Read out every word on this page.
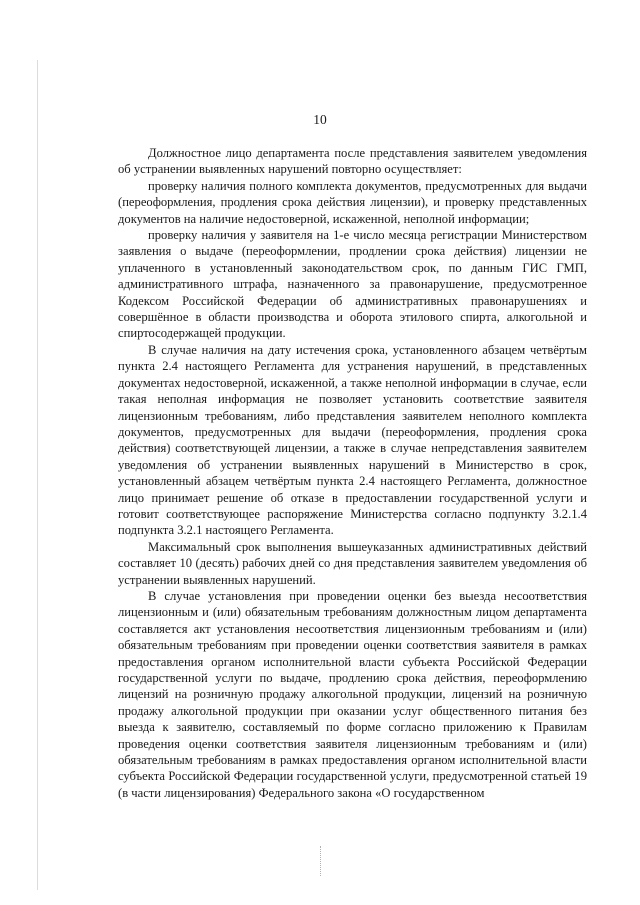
10

Должностное лицо департамента после представления заявителем уведомления об устранении выявленных нарушений повторно осуществляет:

проверку наличия полного комплекта документов, предусмотренных для выдачи (переоформления, продления срока действия лицензии), и проверку представленных документов на наличие недостоверной, искаженной, неполной информации;

проверку наличия у заявителя на 1-е число месяца регистрации Министерством заявления о выдаче (переоформлении, продлении срока действия) лицензии не уплаченного в установленный законодательством срок, по данным ГИС ГМП, административного штрафа, назначенного за правонарушение, предусмотренное Кодексом Российской Федерации об административных правонарушениях и совершённое в области производства и оборота этилового спирта, алкогольной и спиртосодержащей продукции.

В случае наличия на дату истечения срока, установленного абзацем четвёртым пункта 2.4 настоящего Регламента для устранения нарушений, в представленных документах недостоверной, искаженной, а также неполной информации в случае, если такая неполная информация не позволяет установить соответствие заявителя лицензионным требованиям, либо представления заявителем неполного комплекта документов, предусмотренных для выдачи (переоформления, продления срока действия) соответствующей лицензии, а также в случае непредставления заявителем уведомления об устранении выявленных нарушений в Министерство в срок, установленный абзацем четвёртым пункта 2.4 настоящего Регламента, должностное лицо принимает решение об отказе в предоставлении государственной услуги и готовит соответствующее распоряжение Министерства согласно подпункту 3.2.1.4 подпункта 3.2.1 настоящего Регламента.

Максимальный срок выполнения вышеуказанных административных действий составляет 10 (десять) рабочих дней со дня представления заявителем уведомления об устранении выявленных нарушений.

В случае установления при проведении оценки без выезда несоответствия лицензионным и (или) обязательным требованиям должностным лицом департамента составляется акт установления несоответствия лицензионным требованиям и (или) обязательным требованиям при проведении оценки соответствия заявителя в рамках предоставления органом исполнительной власти субъекта Российской Федерации государственной услуги по выдаче, продлению срока действия, переоформлению лицензий на розничную продажу алкогольной продукции, лицензий на розничную продажу алкогольной продукции при оказании услуг общественного питания без выезда к заявителю, составляемый по форме согласно приложению к Правилам проведения оценки соответствия заявителя лицензионным требованиям и (или) обязательным требованиям в рамках предоставления органом исполнительной власти субъекта Российской Федерации государственной услуги, предусмотренной статьей 19 (в части лицензирования) Федерального закона «О государственном
